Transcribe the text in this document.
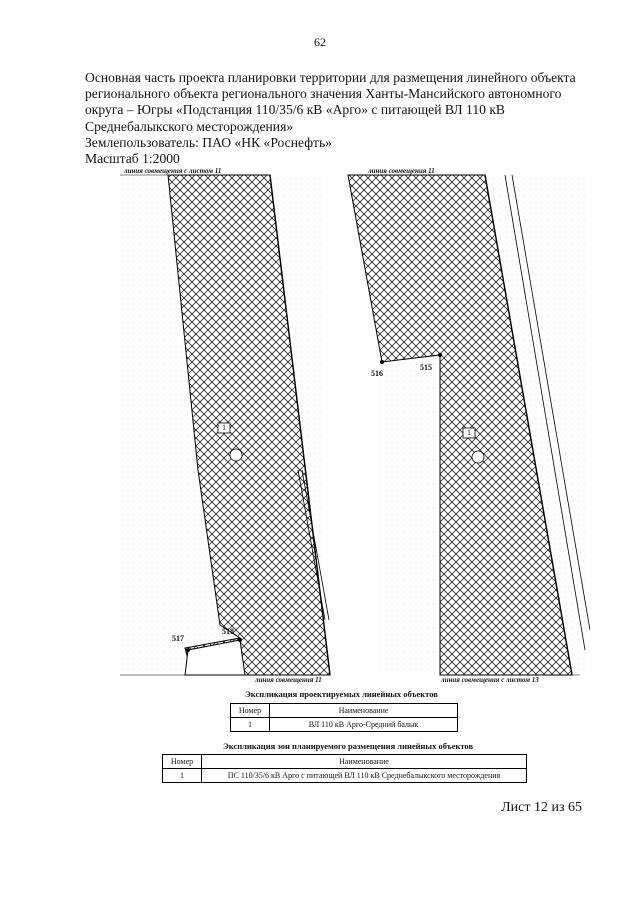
62
Основная часть проекта планировки территории для размещения линейного объекта
регионального объекта регионального значения Ханты-Мансийского автономного
округа – Югры «Подстанция 110/35/6 кВ «Арго» с питающей ВЛ 110 кВ
Среднебалыкского месторождения»
Землепользователь: ПАО «НК «Роснефть»
Масштаб 1:2000
линия совмещения с листом 11	линия совмещения 11
линия совмещения 11	линия совмещения с листом 13
516
515
517
518
1
1
Экспликация проектируемых линейных объектов
Номер	Наименование
1	ВЛ 110 кВ Арго-Средний балык
Экспликация зон планируемого размещения линейных объектов
Номер	Наименование
1	ПС 110/35/6 кВ Арго с питающей ВЛ 110 кВ Среднебалыкского месторождения
Лист 12 из 65
